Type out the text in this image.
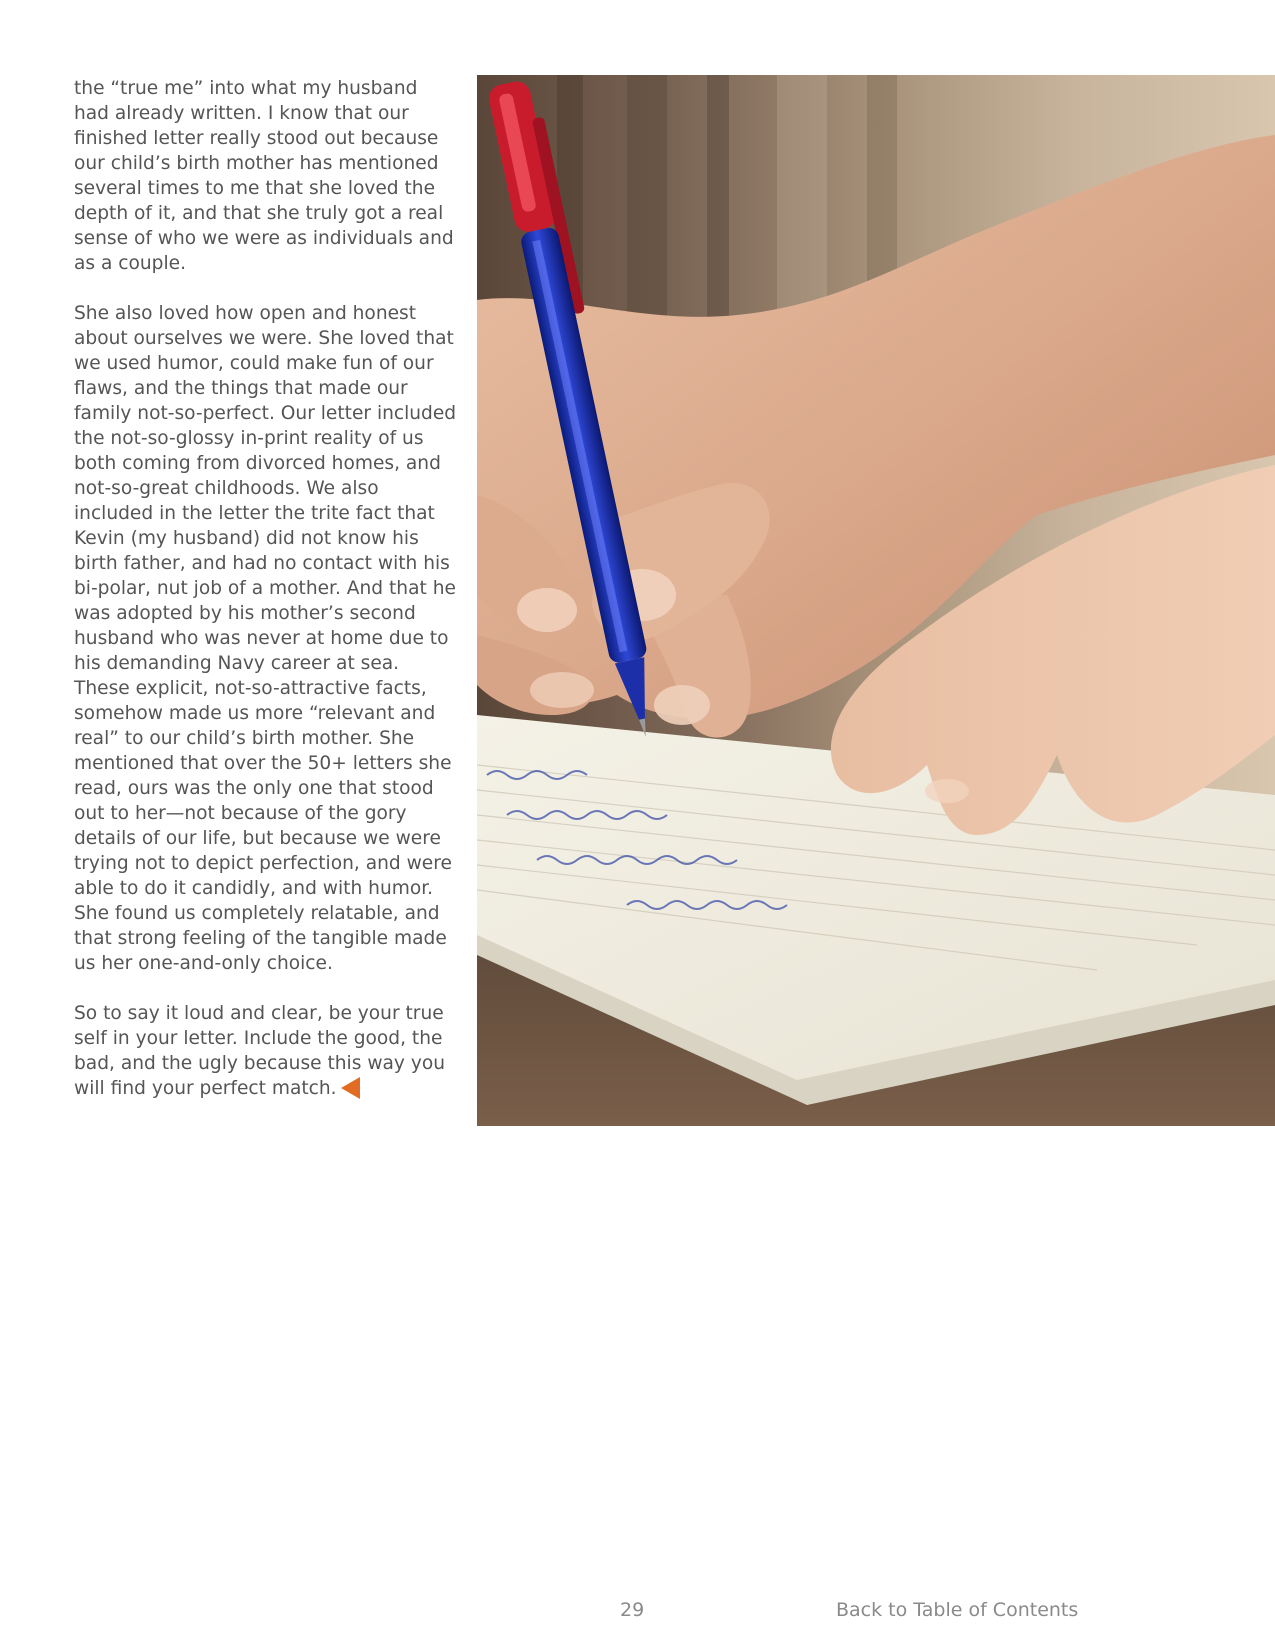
the “true me” into what my husband had already written. I know that our finished letter really stood out because our child’s birth mother has mentioned several times to me that she loved the depth of it, and that she truly got a real sense of who we were as individuals and as a couple.

She also loved how open and honest about ourselves we were. She loved that we used humor, could make fun of our flaws, and the things that made our family not-so-perfect. Our letter included the not-so-glossy in-print reality of us both coming from divorced homes, and not-so-great childhoods. We also included in the letter the trite fact that Kevin (my husband) did not know his birth father, and had no contact with his bi-polar, nut job of a mother. And that he was adopted by his mother’s second husband who was never at home due to his demanding Navy career at sea. These explicit, not-so-attractive facts, somehow made us more “relevant and real” to our child’s birth mother. She mentioned that over the 50+ letters she read, ours was the only one that stood out to her—not because of the gory details of our life, but because we were trying not to depict perfection, and were able to do it candidly, and with humor. She found us completely relatable, and that strong feeling of the tangible made us her one-and-only choice.

So to say it loud and clear, be your true self in your letter. Include the good, the bad, and the ugly because this way you will find your perfect match.

29	Back to Table of Contents
